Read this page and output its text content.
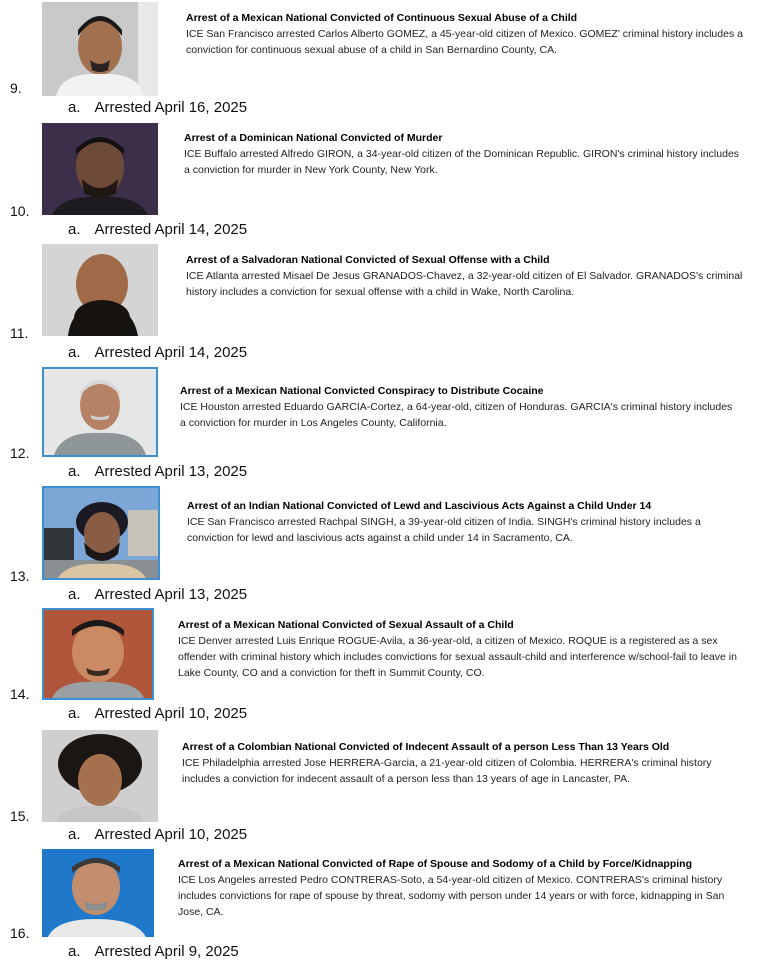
9.
Arrest of a Mexican National Convicted of Continuous Sexual Abuse of a Child
ICE San Francisco arrested Carlos Alberto GOMEZ, a 45-year-old citizen of Mexico. GOMEZ' criminal history includes a conviction for continuous sexual abuse of a child in San Bernardino County, CA.
a. Arrested April 16, 2025
10.
Arrest of a Dominican National Convicted of Murder
ICE Buffalo arrested Alfredo GIRON, a 34-year-old citizen of the Dominican Republic. GIRON's criminal history includes a conviction for murder in New York County, New York.
a. Arrested April 14, 2025
11.
Arrest of a Salvadoran National Convicted of Sexual Offense with a Child
ICE Atlanta arrested Misael De Jesus GRANADOS-Chavez, a 32-year-old citizen of El Salvador. GRANADOS's criminal history includes a conviction for sexual offense with a child in Wake, North Carolina.
a. Arrested April 14, 2025
12.
Arrest of a Mexican National Convicted Conspiracy to Distribute Cocaine
ICE Houston arrested Eduardo GARCIA-Cortez, a 64-year-old, citizen of Honduras. GARCIA's criminal history includes a conviction for murder in Los Angeles County, California.
a. Arrested April 13, 2025
13.
Arrest of an Indian National Convicted of Lewd and Lascivious Acts Against a Child Under 14
ICE San Francisco arrested Rachpal SINGH, a 39-year-old citizen of India. SINGH's criminal history includes a conviction for lewd and lascivious acts against a child under 14 in Sacramento, CA.
a. Arrested April 13, 2025
14.
Arrest of a Mexican National Convicted of Sexual Assault of a Child
ICE Denver arrested Luis Enrique ROGUE-Avila, a 36-year-old, a citizen of Mexico. ROQUE is a registered as a sex offender with criminal history which includes convictions for sexual assault-child and interference w/school-fail to leave in Lake County, CO and a conviction for theft in Summit County, CO.
a. Arrested April 10, 2025
15.
Arrest of a Colombian National Convicted of Indecent Assault of a person Less Than 13 Years Old
ICE Philadelphia arrested Jose HERRERA-Garcia, a 21-year-old citizen of Colombia. HERRERA's criminal history includes a conviction for indecent assault of a person less than 13 years of age in Lancaster, PA.
a. Arrested April 10, 2025
16.
Arrest of a Mexican National Convicted of Rape of Spouse and Sodomy of a Child by Force/Kidnapping
ICE Los Angeles arrested Pedro CONTRERAS-Soto, a 54-year-old citizen of Mexico. CONTRERAS's criminal history includes convictions for rape of spouse by threat, sodomy with person under 14 years or with force, kidnapping in San Jose, CA.
a. Arrested April 9, 2025
